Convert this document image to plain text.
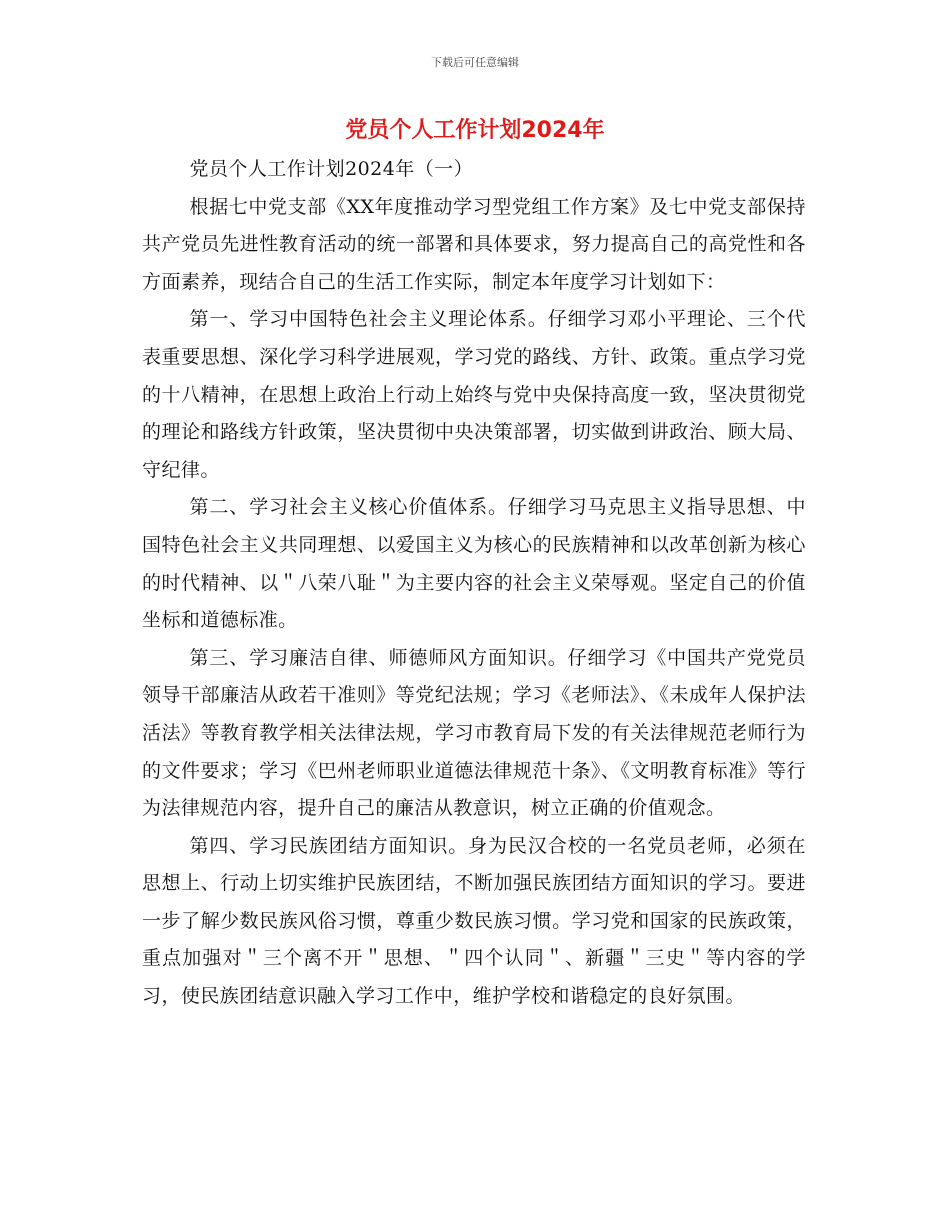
下载后可任意编辑
党员个人工作计划2024年

党员个人工作计划2024年（一）

根据七中党支部《XX年度推动学习型党组工作方案》及七中党支部保持共产党员先进性教育活动的统一部署和具体要求，努力提高自己的高党性和各方面素养，现结合自己的生活工作实际，制定本年度学习计划如下：

第一、学习中国特色社会主义理论体系。仔细学习邓小平理论、三个代表重要思想、深化学习科学进展观，学习党的路线、方针、政策。重点学习党的十八精神，在思想上政治上行动上始终与党中央保持高度一致，坚决贯彻党的理论和路线方针政策，坚决贯彻中央决策部署，切实做到讲政治、顾大局、守纪律。

第二、学习社会主义核心价值体系。仔细学习马克思主义指导思想、中国特色社会主义共同理想、以爱国主义为核心的民族精神和以改革创新为核心的时代精神、以＂八荣八耻＂为主要内容的社会主义荣辱观。坚定自己的价值坐标和道德标准。

第三、学习廉洁自律、师德师风方面知识。仔细学习《中国共产党党员领导干部廉洁从政若干准则》等党纪法规；学习《老师法》、《未成年人保护法活法》等教育教学相关法律法规，学习市教育局下发的有关法律规范老师行为的文件要求；学习《巴州老师职业道德法律规范十条》、《文明教育标准》等行为法律规范内容，提升自己的廉洁从教意识，树立正确的价值观念。

第四、学习民族团结方面知识。身为民汉合校的一名党员老师，必须在思想上、行动上切实维护民族团结，不断加强民族团结方面知识的学习。要进一步了解少数民族风俗习惯，尊重少数民族习惯。学习党和国家的民族政策，重点加强对＂三个离不开＂思想、＂四个认同＂、新疆＂三史＂等内容的学习，使民族团结意识融入学习工作中，维护学校和谐稳定的良好氛围。
